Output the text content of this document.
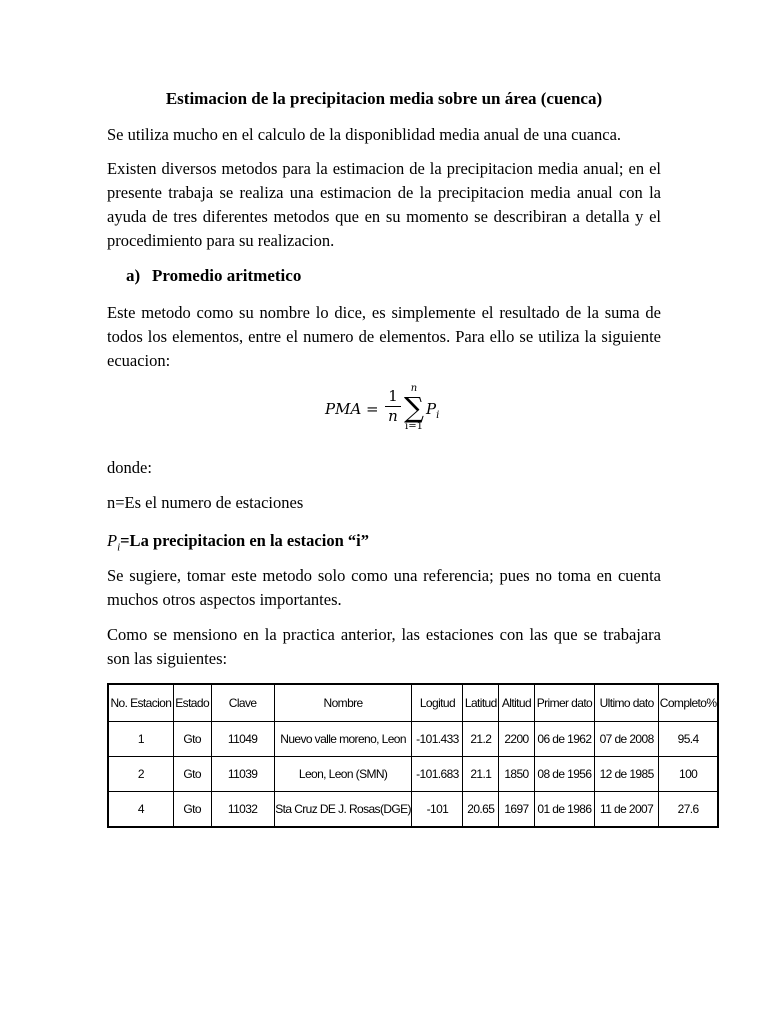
Estimacion de la precipitacion media sobre un área (cuenca)
Se utiliza mucho en el calculo de la disponiblidad media anual de una cuanca.
Existen diversos metodos para la estimacion de la precipitacion media anual; en el presente trabaja se realiza una estimacion de la precipitacion media anual con la ayuda de tres diferentes metodos que en su momento se describiran a detalla y el procedimiento para su realizacion.
a) Promedio aritmetico
Este metodo como su nombre lo dice, es simplemente el resultado de la suma de todos los elementos, entre el numero de elementos. Para ello se utiliza la siguiente ecuacion:
PMA =
1
n
n
∑
i=1
$P_i$
donde:
n=Es el numero de estaciones
$P_i=La$ precipitacion en la estacion “i”
Se sugiere, tomar este metodo solo como una referencia; pues no toma en cuenta muchos otros aspectos importantes.
Como se mensiono en la practica anterior, las estaciones con las que se trabajara son las siguientes:
No. Estacion	Estado	Clave	Nombre	Logitud	Latitud	Altitud	Primer dato	Ultimo dato	Completo%
1	Gto	11049	Nuevo valle moreno, Leon	-101.433	21.2	2200	06 de 1962	07 de 2008	95.4
2	Gto	11039	Leon, Leon (SMN)	-101.683	21.1	1850	08 de 1956	12 de 1985	100
4	Gto	11032	Sta Cruz DE J. Rosas(DGE)	-101	20.65	1697	01 de 1986	11 de 2007	27.6
